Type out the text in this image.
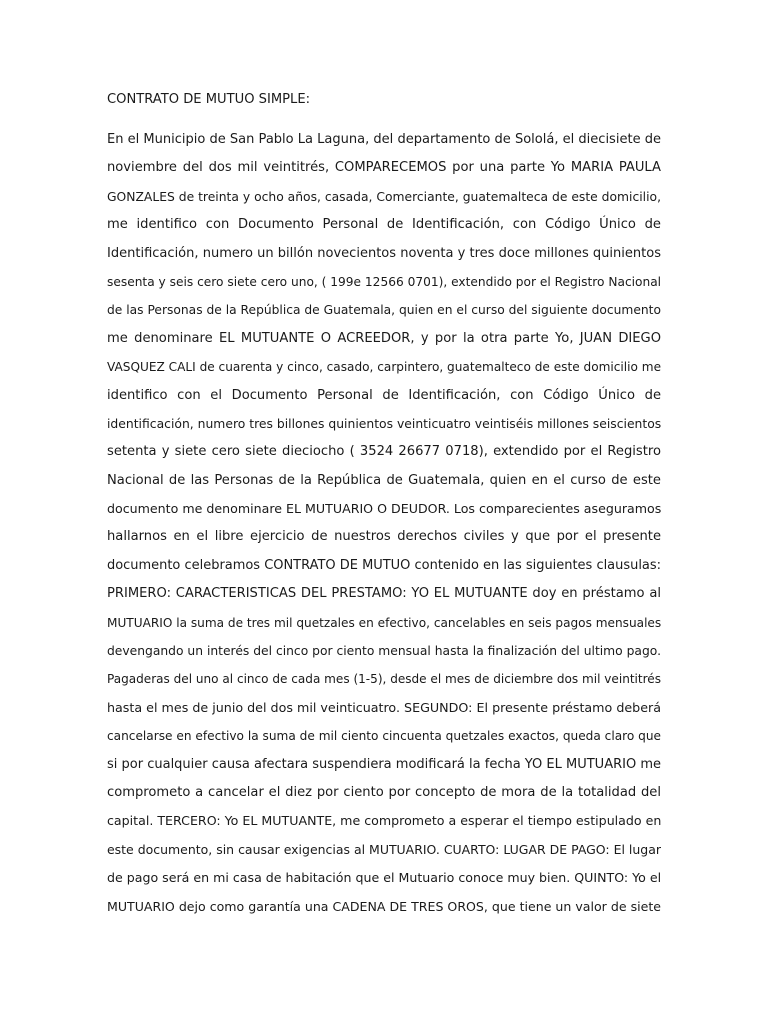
CONTRATO DE MUTUO SIMPLE:

En el Municipio de San Pablo La Laguna, del departamento de Sololá, el diecisiete de
noviembre del dos mil veintitrés, COMPARECEMOS por una parte Yo MARIA PAULA
GONZALES de treinta y ocho años, casada, Comerciante, guatemalteca de este domicilio,
me identifico con Documento Personal de Identificación, con Código Único de
Identificación, numero un billón novecientos noventa y tres doce millones quinientos
sesenta y seis cero siete cero uno, ( 199e 12566 0701), extendido por el Registro Nacional
de las Personas de la República de Guatemala, quien en el curso del siguiente documento
me denominare EL MUTUANTE O ACREEDOR, y por la otra parte Yo, JUAN DIEGO
VASQUEZ CALI de cuarenta y cinco, casado, carpintero, guatemalteco de este domicilio me
identifico con el Documento Personal de Identificación, con Código Único de
identificación, numero tres billones quinientos veinticuatro veintiséis millones seiscientos
setenta y siete cero siete dieciocho ( 3524 26677 0718), extendido por el Registro
Nacional de las Personas de la República de Guatemala, quien en el curso de este
documento me denominare EL MUTUARIO O DEUDOR. Los comparecientes aseguramos
hallarnos en el libre ejercicio de nuestros derechos civiles y que por el presente
documento celebramos CONTRATO DE MUTUO contenido en las siguientes clausulas:
PRIMERO: CARACTERISTICAS DEL PRESTAMO: YO EL MUTUANTE doy en préstamo al
MUTUARIO la suma de tres mil quetzales en efectivo, cancelables en seis pagos mensuales
devengando un interés del cinco por ciento mensual hasta la finalización del ultimo pago.
Pagaderas del uno al cinco de cada mes (1-5), desde el mes de diciembre dos mil veintitrés
hasta el mes de junio del dos mil veinticuatro. SEGUNDO: El presente préstamo deberá
cancelarse en efectivo la suma de mil ciento cincuenta quetzales exactos, queda claro que
si por cualquier causa afectara suspendiera modificará la fecha YO EL MUTUARIO me
comprometo a cancelar el diez por ciento por concepto de mora de la totalidad del
capital. TERCERO: Yo EL MUTUANTE, me comprometo a esperar el tiempo estipulado en
este documento, sin causar exigencias al MUTUARIO. CUARTO: LUGAR DE PAGO: El lugar
de pago será en mi casa de habitación que el Mutuario conoce muy bien. QUINTO: Yo el
MUTUARIO dejo como garantía una CADENA DE TRES OROS, que tiene un valor de siete
